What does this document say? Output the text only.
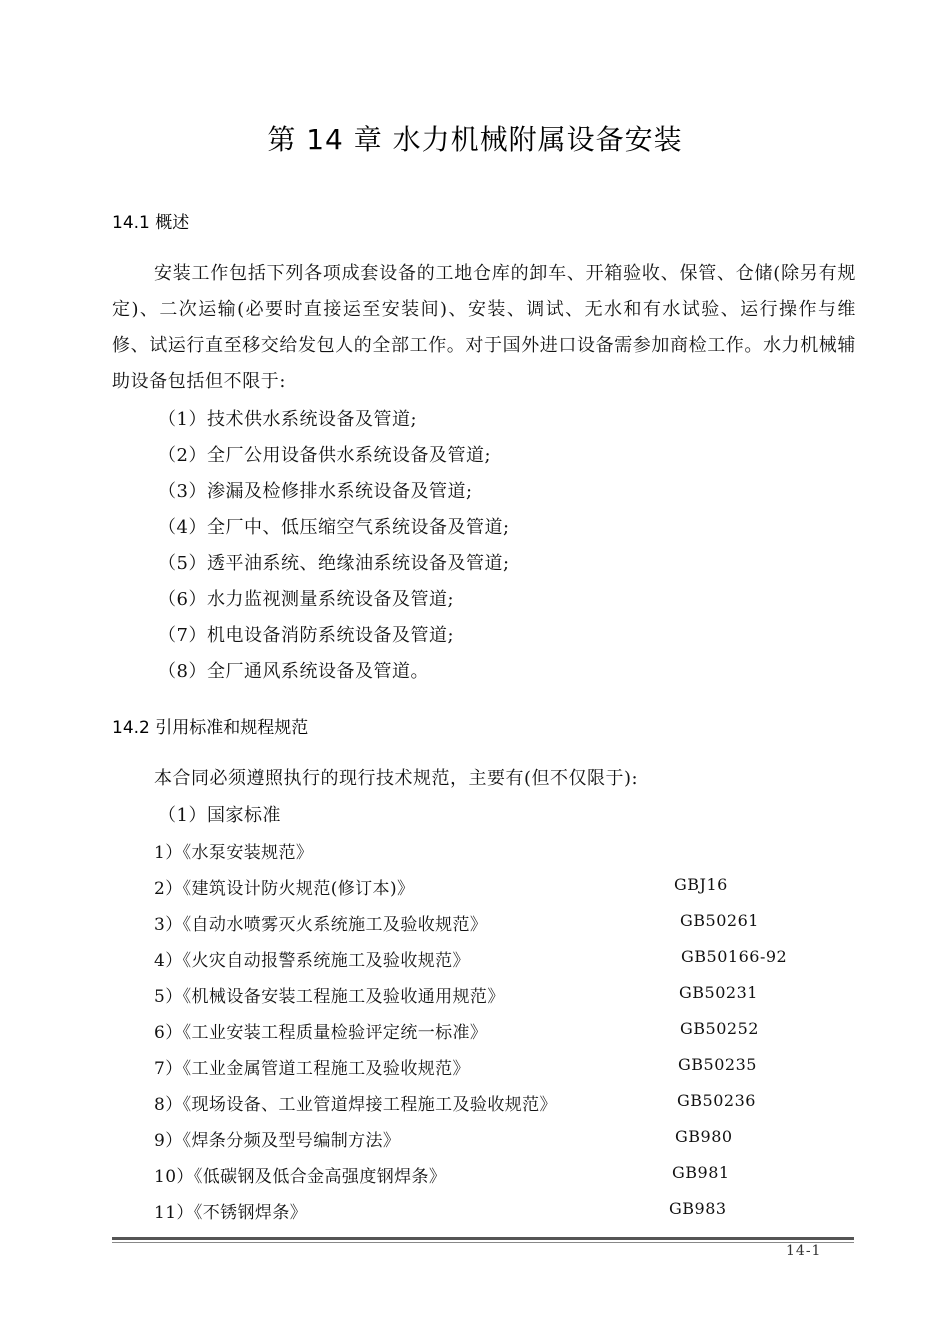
第 14 章 水力机械附属设备安装
14.1 概述
安装工作包括下列各项成套设备的工地仓库的卸车、开箱验收、保管、仓储(除另有规定)、二次运输(必要时直接运至安装间)、安装、调试、无水和有水试验、运行操作与维修、试运行直至移交给发包人的全部工作。对于国外进口设备需参加商检工作。水力机械辅助设备包括但不限于:
（1）技术供水系统设备及管道;
（2）全厂公用设备供水系统设备及管道;
（3）渗漏及检修排水系统设备及管道;
（4）全厂中、低压缩空气系统设备及管道;
（5）透平油系统、绝缘油系统设备及管道;
（6）水力监视测量系统设备及管道;
（7）机电设备消防系统设备及管道;
（8）全厂通风系统设备及管道。
14.2 引用标准和规程规范
本合同必须遵照执行的现行技术规范，主要有(但不仅限于):
（1）国家标准
1）《水泵安装规范》
2）《建筑设计防火规范(修订本)》	GBJ16
3）《自动水喷雾灭火系统施工及验收规范》	GB50261
4）《火灾自动报警系统施工及验收规范》	GB50166-92
5）《机械设备安装工程施工及验收通用规范》	GB50231
6）《工业安装工程质量检验评定统一标准》	GB50252
7）《工业金属管道工程施工及验收规范》	GB50235
8）《现场设备、工业管道焊接工程施工及验收规范》	GB50236
9）《焊条分频及型号编制方法》	GB980
10）《低碳钢及低合金高强度钢焊条》	GB981
11）《不锈钢焊条》	GB983
14-1
